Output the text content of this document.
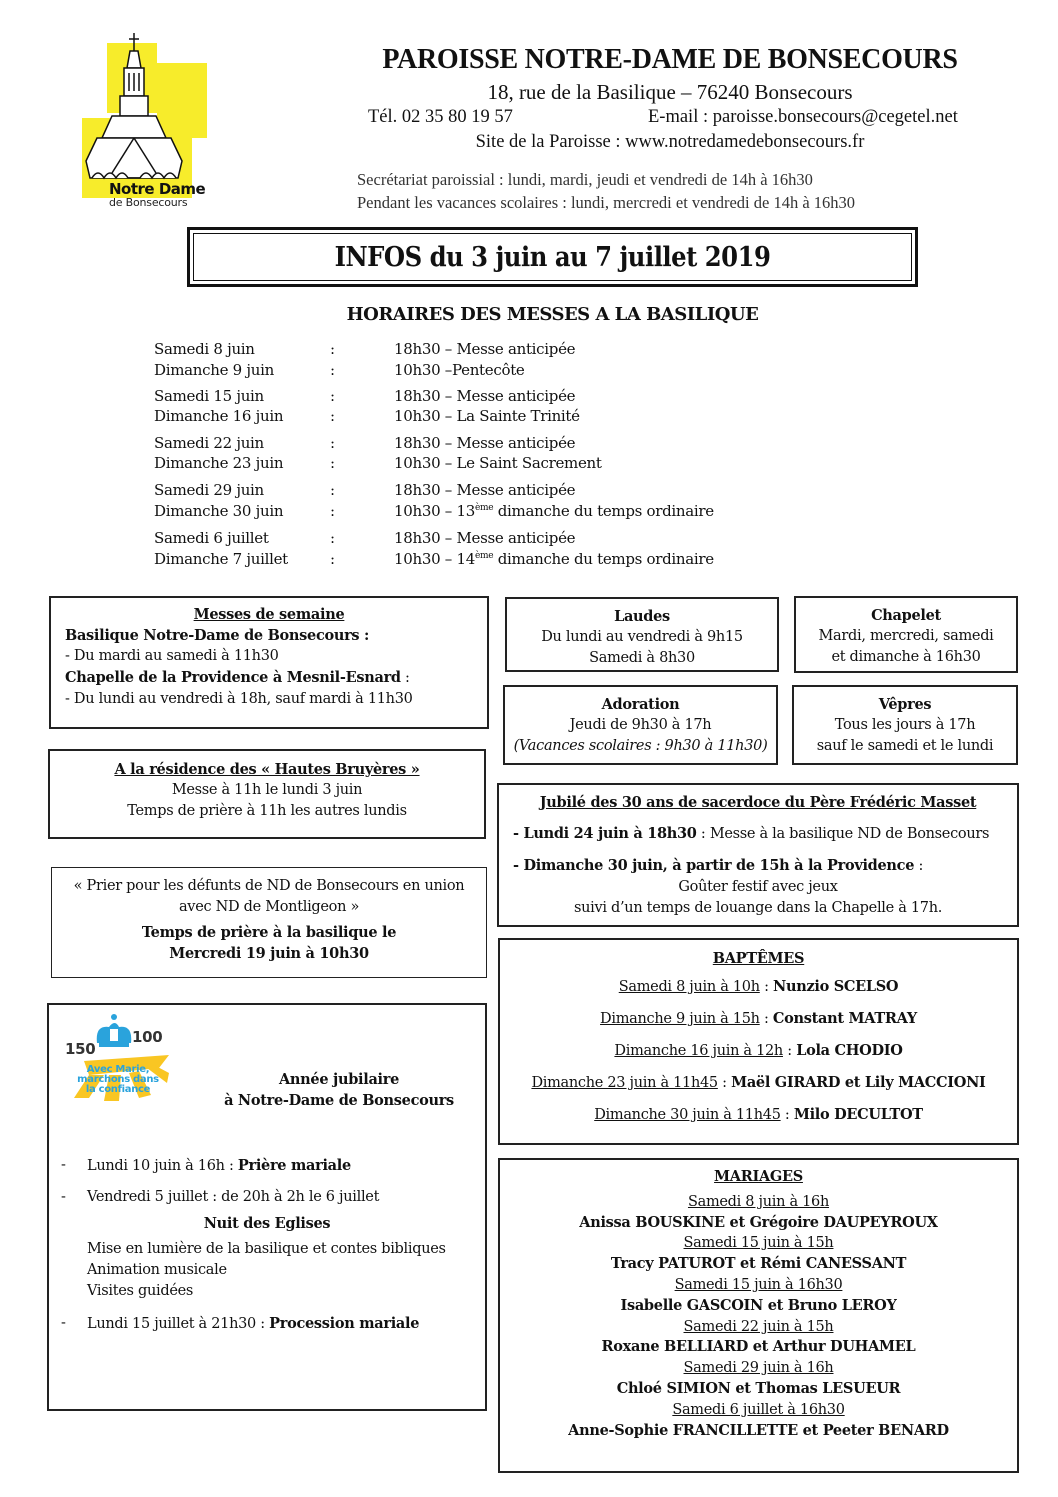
Notre Dame
de Bonsecours
PAROISSE NOTRE-DAME DE BONSECOURS
18, rue de la Basilique – 76240 Bonsecours
Tél. 02 35 80 19 57	E-mail : paroisse.bonsecours@cegetel.net
Site de la Paroisse : www.notredamedebonsecours.fr
Secrétariat paroissial : lundi, mardi, jeudi et vendredi de 14h à 16h30
Pendant les vacances scolaires : lundi, mercredi et vendredi de 14h à 16h30
INFOS du 3 juin au 7 juillet 2019
HORAIRES DES MESSES A LA BASILIQUE
Samedi 8 juin	:	18h30 – Messe anticipée
Dimanche 9 juin	:	10h30 –Pentecôte
Samedi 15 juin	:	18h30 – Messe anticipée
Dimanche 16 juin	:	10h30 – La Sainte Trinité
Samedi 22 juin	:	18h30 – Messe anticipée
Dimanche 23 juin	:	10h30 – Le Saint Sacrement
Samedi 29 juin	:	18h30 – Messe anticipée
Dimanche 30 juin	:	10h30 – 13ème dimanche du temps ordinaire
Samedi 6 juillet	:	18h30 – Messe anticipée
Dimanche 7 juillet	:	10h30 – 14ème dimanche du temps ordinaire
Messes de semaine
Basilique Notre-Dame de Bonsecours :
- Du mardi au samedi à 11h30
Chapelle de la Providence à Mesnil-Esnard :
- Du lundi au vendredi à 18h, sauf mardi à 11h30
Laudes
Du lundi au vendredi à 9h15
Samedi à 8h30
Chapelet
Mardi, mercredi, samedi
et dimanche à 16h30
Adoration
Jeudi de 9h30 à 17h
(Vacances scolaires : 9h30 à 11h30)
Vêpres
Tous les jours à 17h
sauf le samedi et le lundi
A la résidence des « Hautes Bruyères »
Messe à 11h le lundi 3 juin
Temps de prière à 11h les autres lundis	Jubilé des 30 ans de sacerdoce du Père Frédéric Masset
- Lundi 24 juin à 18h30 : Messe à la basilique ND de Bonsecours
- Dimanche 30 juin, à partir de 15h à la Providence :
Goûter festif avec jeux
suivi d’un temps de louange dans la Chapelle à 17h.
« Prier pour les défunts de ND de Bonsecours en union
avec ND de Montligeon »
Temps de prière à la basilique le
Mercredi 19 juin à 10h30	BAPTÊMES
Samedi 8 juin à 10h : Nunzio SCELSO
Dimanche 9 juin à 15h : Constant MATRAY
Dimanche 16 juin à 12h : Lola CHODIO
Dimanche 23 juin à 11h45 : Maël GIRARD et Lily MACCIONI
Dimanche 30 juin à 11h45 : Milo DECULTOT
150
100
Avec Marie, marchons dans la confiance
Année jubilaire
à Notre-Dame de Bonsecours
- Lundi 10 juin à 16h : Prière mariale
- Vendredi 5 juillet : de 20h à 2h le 6 juillet
Nuit des Eglises
Mise en lumière de la basilique et contes bibliques
Animation musicale
Visites guidées
- Lundi 15 juillet à 21h30 : Procession mariale
MARIAGES
Samedi 8 juin à 16h
Anissa BOUSKINE et Grégoire DAUPEYROUX
Samedi 15 juin à 15h
Tracy PATUROT et Rémi CANESSANT
Samedi 15 juin à 16h30
Isabelle GASCOIN et Bruno LEROY
Samedi 22 juin à 15h
Roxane BELLIARD et Arthur DUHAMEL
Samedi 29 juin à 16h
Chloé SIMION et Thomas LESUEUR
Samedi 6 juillet à 16h30
Anne-Sophie FRANCILLETTE et Peeter BENARD
